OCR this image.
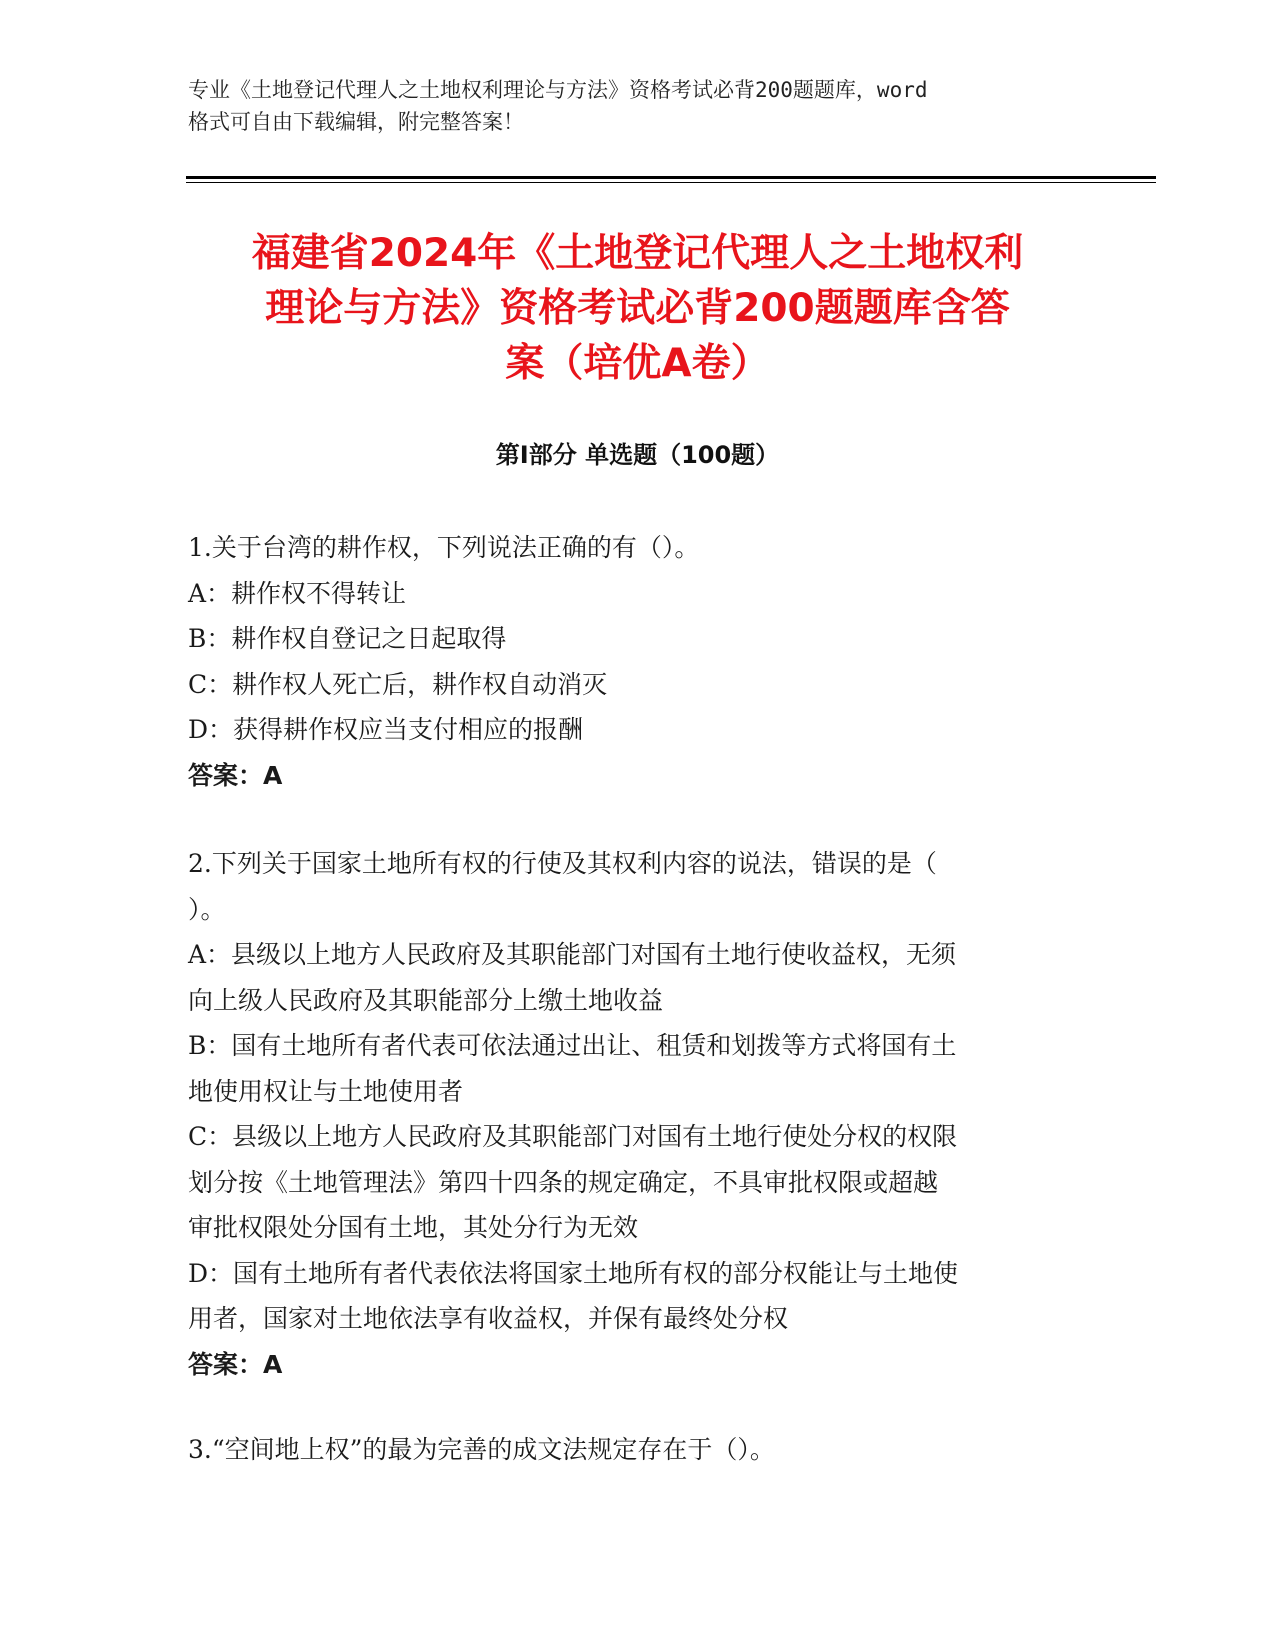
专业《土地登记代理人之土地权利理论与方法》资格考试必背200题题库，word
格式可自由下载编辑，附完整答案！
福建省2024年《土地登记代理人之土地权利
理论与方法》资格考试必背200题题库含答
案（培优A卷）
第Ⅰ部分 单选题（100题）
1.关于台湾的耕作权，下列说法正确的有（）。
A：耕作权不得转让
B：耕作权自登记之日起取得
C：耕作权人死亡后，耕作权自动消灭
D：获得耕作权应当支付相应的报酬
答案：A
2.下列关于国家土地所有权的行使及其权利内容的说法，错误的是（
）。
A：县级以上地方人民政府及其职能部门对国有土地行使收益权，无须
向上级人民政府及其职能部分上缴土地收益
B：国有土地所有者代表可依法通过出让、租赁和划拨等方式将国有土
地使用权让与土地使用者
C：县级以上地方人民政府及其职能部门对国有土地行使处分权的权限
划分按《土地管理法》第四十四条的规定确定，不具审批权限或超越
审批权限处分国有土地，其处分行为无效
D：国有土地所有者代表依法将国家土地所有权的部分权能让与土地使
用者，国家对土地依法享有收益权，并保有最终处分权
答案：A
3.“空间地上权”的最为完善的成文法规定存在于（）。
